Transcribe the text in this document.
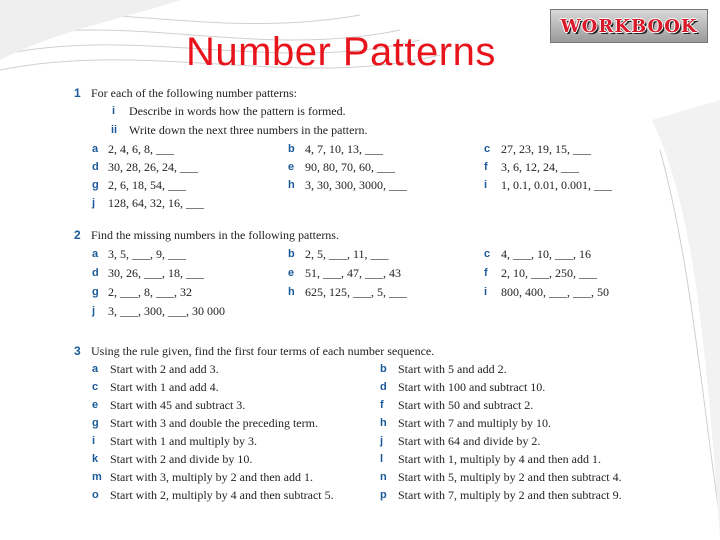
Number Patterns
WORKBOOK
1 For each of the following number patterns:
i Describe in words how the pattern is formed.
ii Write down the next three numbers in the pattern.
a 2, 4, 6, 8, ___	b 4, 7, 10, 13, ___	c 27, 23, 19, 15, ___
d 30, 28, 26, 24, ___	e 90, 80, 70, 60, ___	f 3, 6, 12, 24, ___
g 2, 6, 18, 54, ___	h 3, 30, 300, 3000, ___	i 1, 0.1, 0.01, 0.001, ___
j 128, 64, 32, 16, ___
2 Find the missing numbers in the following patterns.
a 3, 5, ___, 9, ___	b 2, 5, ___, 11, ___	c 4, ___, 10, ___, 16
d 30, 26, ___, 18, ___	e 51, ___, 47, ___, 43	f 2, 10, ___, 250, ___
g 2, ___, 8, ___, 32	h 625, 125, ___, 5, ___	i 800, 400, ___, ___, 50
j 3, ___, 300, ___, 30 000
3 Using the rule given, find the first four terms of each number sequence.
a Start with 2 and add 3.	b Start with 5 and add 2.
c Start with 1 and add 4.	d Start with 100 and subtract 10.
e Start with 45 and subtract 3.	f Start with 50 and subtract 2.
g Start with 3 and double the preceding term.	h Start with 7 and multiply by 10.
i Start with 1 and multiply by 3.	j Start with 64 and divide by 2.
k Start with 2 and divide by 10.	l Start with 1, multiply by 4 and then add 1.
m Start with 3, multiply by 2 and then add 1.	n Start with 5, multiply by 2 and then subtract 4.
o Start with 2, multiply by 4 and then subtract 5.	p Start with 7, multiply by 2 and then subtract 9.
